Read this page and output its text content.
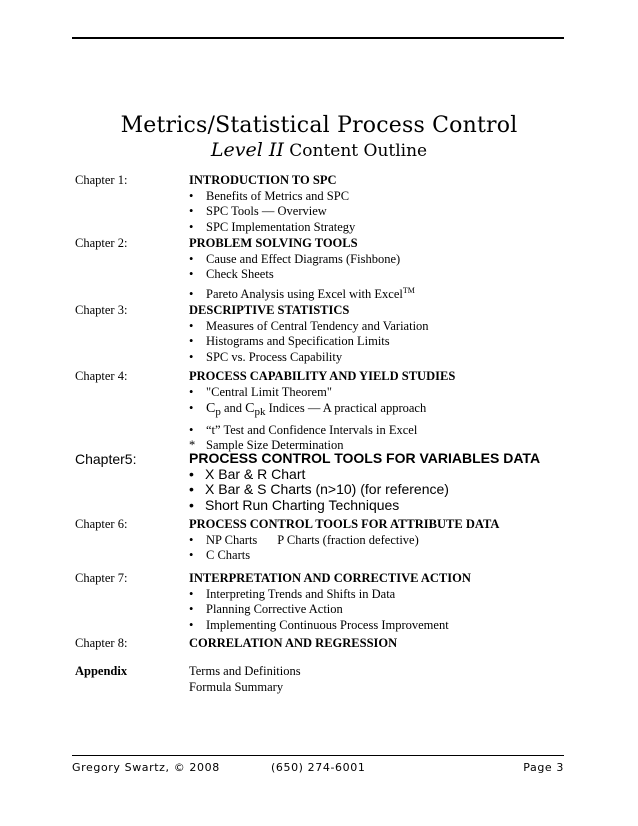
Metrics/Statistical Process Control
Level II Content Outline
Chapter 1:	INTRODUCTION TO SPC
• Benefits of Metrics and SPC
• SPC Tools — Overview
• SPC Implementation Strategy
Chapter 2:	PROBLEM SOLVING TOOLS
• Cause and Effect Diagrams (Fishbone)
• Check Sheets
• Pareto Analysis using Excel with Excel™
Chapter 3:	DESCRIPTIVE STATISTICS
• Measures of Central Tendency and Variation
• Histograms and Specification Limits
• SPC vs. Process Capability
Chapter 4:	PROCESS CAPABILITY AND YIELD STUDIES
• "Central Limit Theorem"
• $C_p$ and $C_{pk}$ Indices — A practical approach
• “t” Test and Confidence Intervals in Excel
* Sample Size Determination
Chapter5:	PROCESS CONTROL TOOLS FOR VARIABLES DATA
• X Bar & R Chart
• X Bar & S Charts (n>10) (for reference)
• Short Run Charting Techniques
Chapter 6:	PROCESS CONTROL TOOLS FOR ATTRIBUTE DATA
• NP Charts P Charts (fraction defective)
• C Charts
Chapter 7:	INTERPRETATION AND CORRECTIVE ACTION
• Interpreting Trends and Shifts in Data
• Planning Corrective Action
• Implementing Continuous Process Improvement
Chapter 8:	CORRELATION AND REGRESSION
Appendix	Terms and Definitions
Formula Summary
Gregory Swartz, © 2008	(650) 274-6001	Page 3
